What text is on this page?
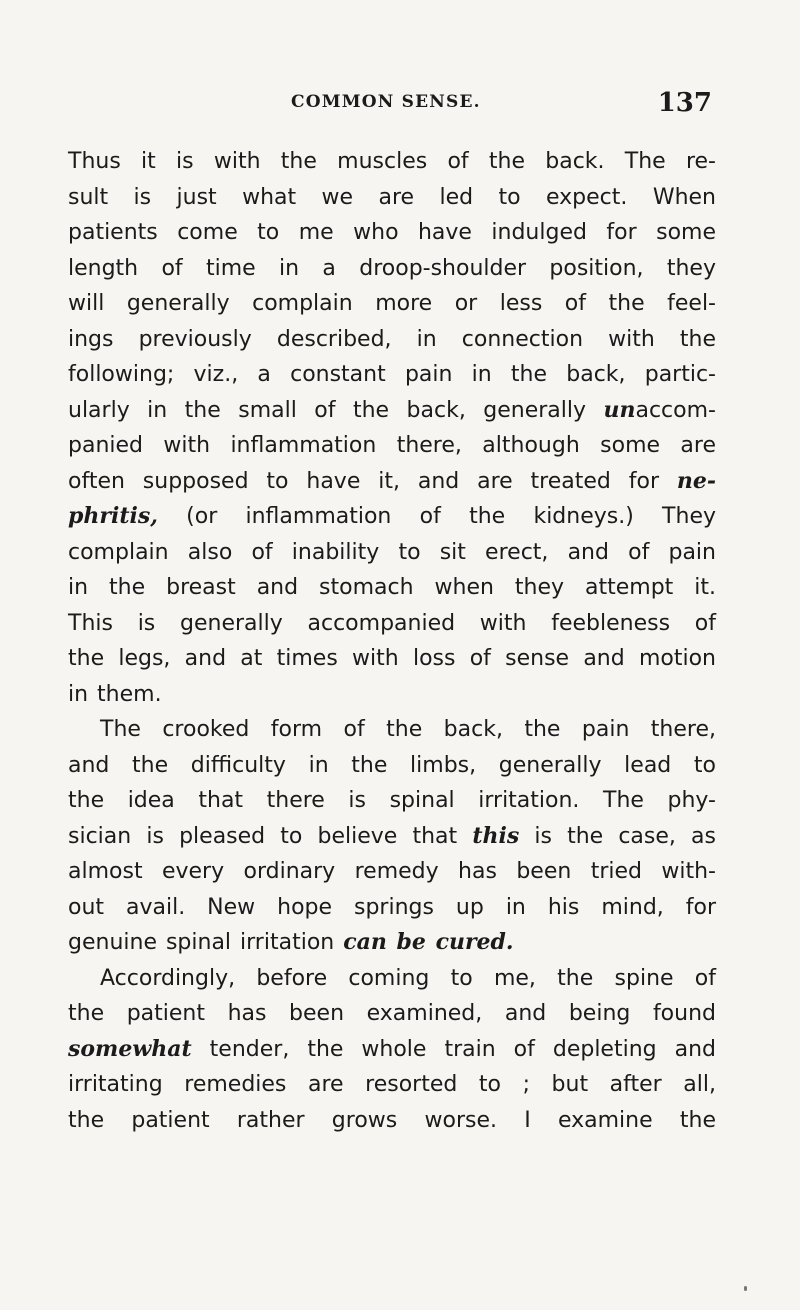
COMMON SENSE.	137
Thus it is with the muscles of the back. The re-
sult is just what we are led to expect. When
patients come to me who have indulged for some
length of time in a droop-shoulder position, they
will generally complain more or less of the feel-
ings previously described, in connection with the
following; viz., a constant pain in the back, partic-
ularly in the small of the back, generally unaccom-
panied with inflammation there, although some are
often supposed to have it, and are treated for ne-
phritis, (or inflammation of the kidneys.) They
complain also of inability to sit erect, and of pain
in the breast and stomach when they attempt it.
This is generally accompanied with feebleness of
the legs, and at times with loss of sense and motion
in them.
The crooked form of the back, the pain there,
and the difficulty in the limbs, generally lead to
the idea that there is spinal irritation. The phy-
sician is pleased to believe that this is the case, as
almost every ordinary remedy has been tried with-
out avail. New hope springs up in his mind, for
genuine spinal irritation can be cured.
Accordingly, before coming to me, the spine of
the patient has been examined, and being found
somewhat tender, the whole train of depleting and
irritating remedies are resorted to ; but after all,
the patient rather grows worse. I examine the
